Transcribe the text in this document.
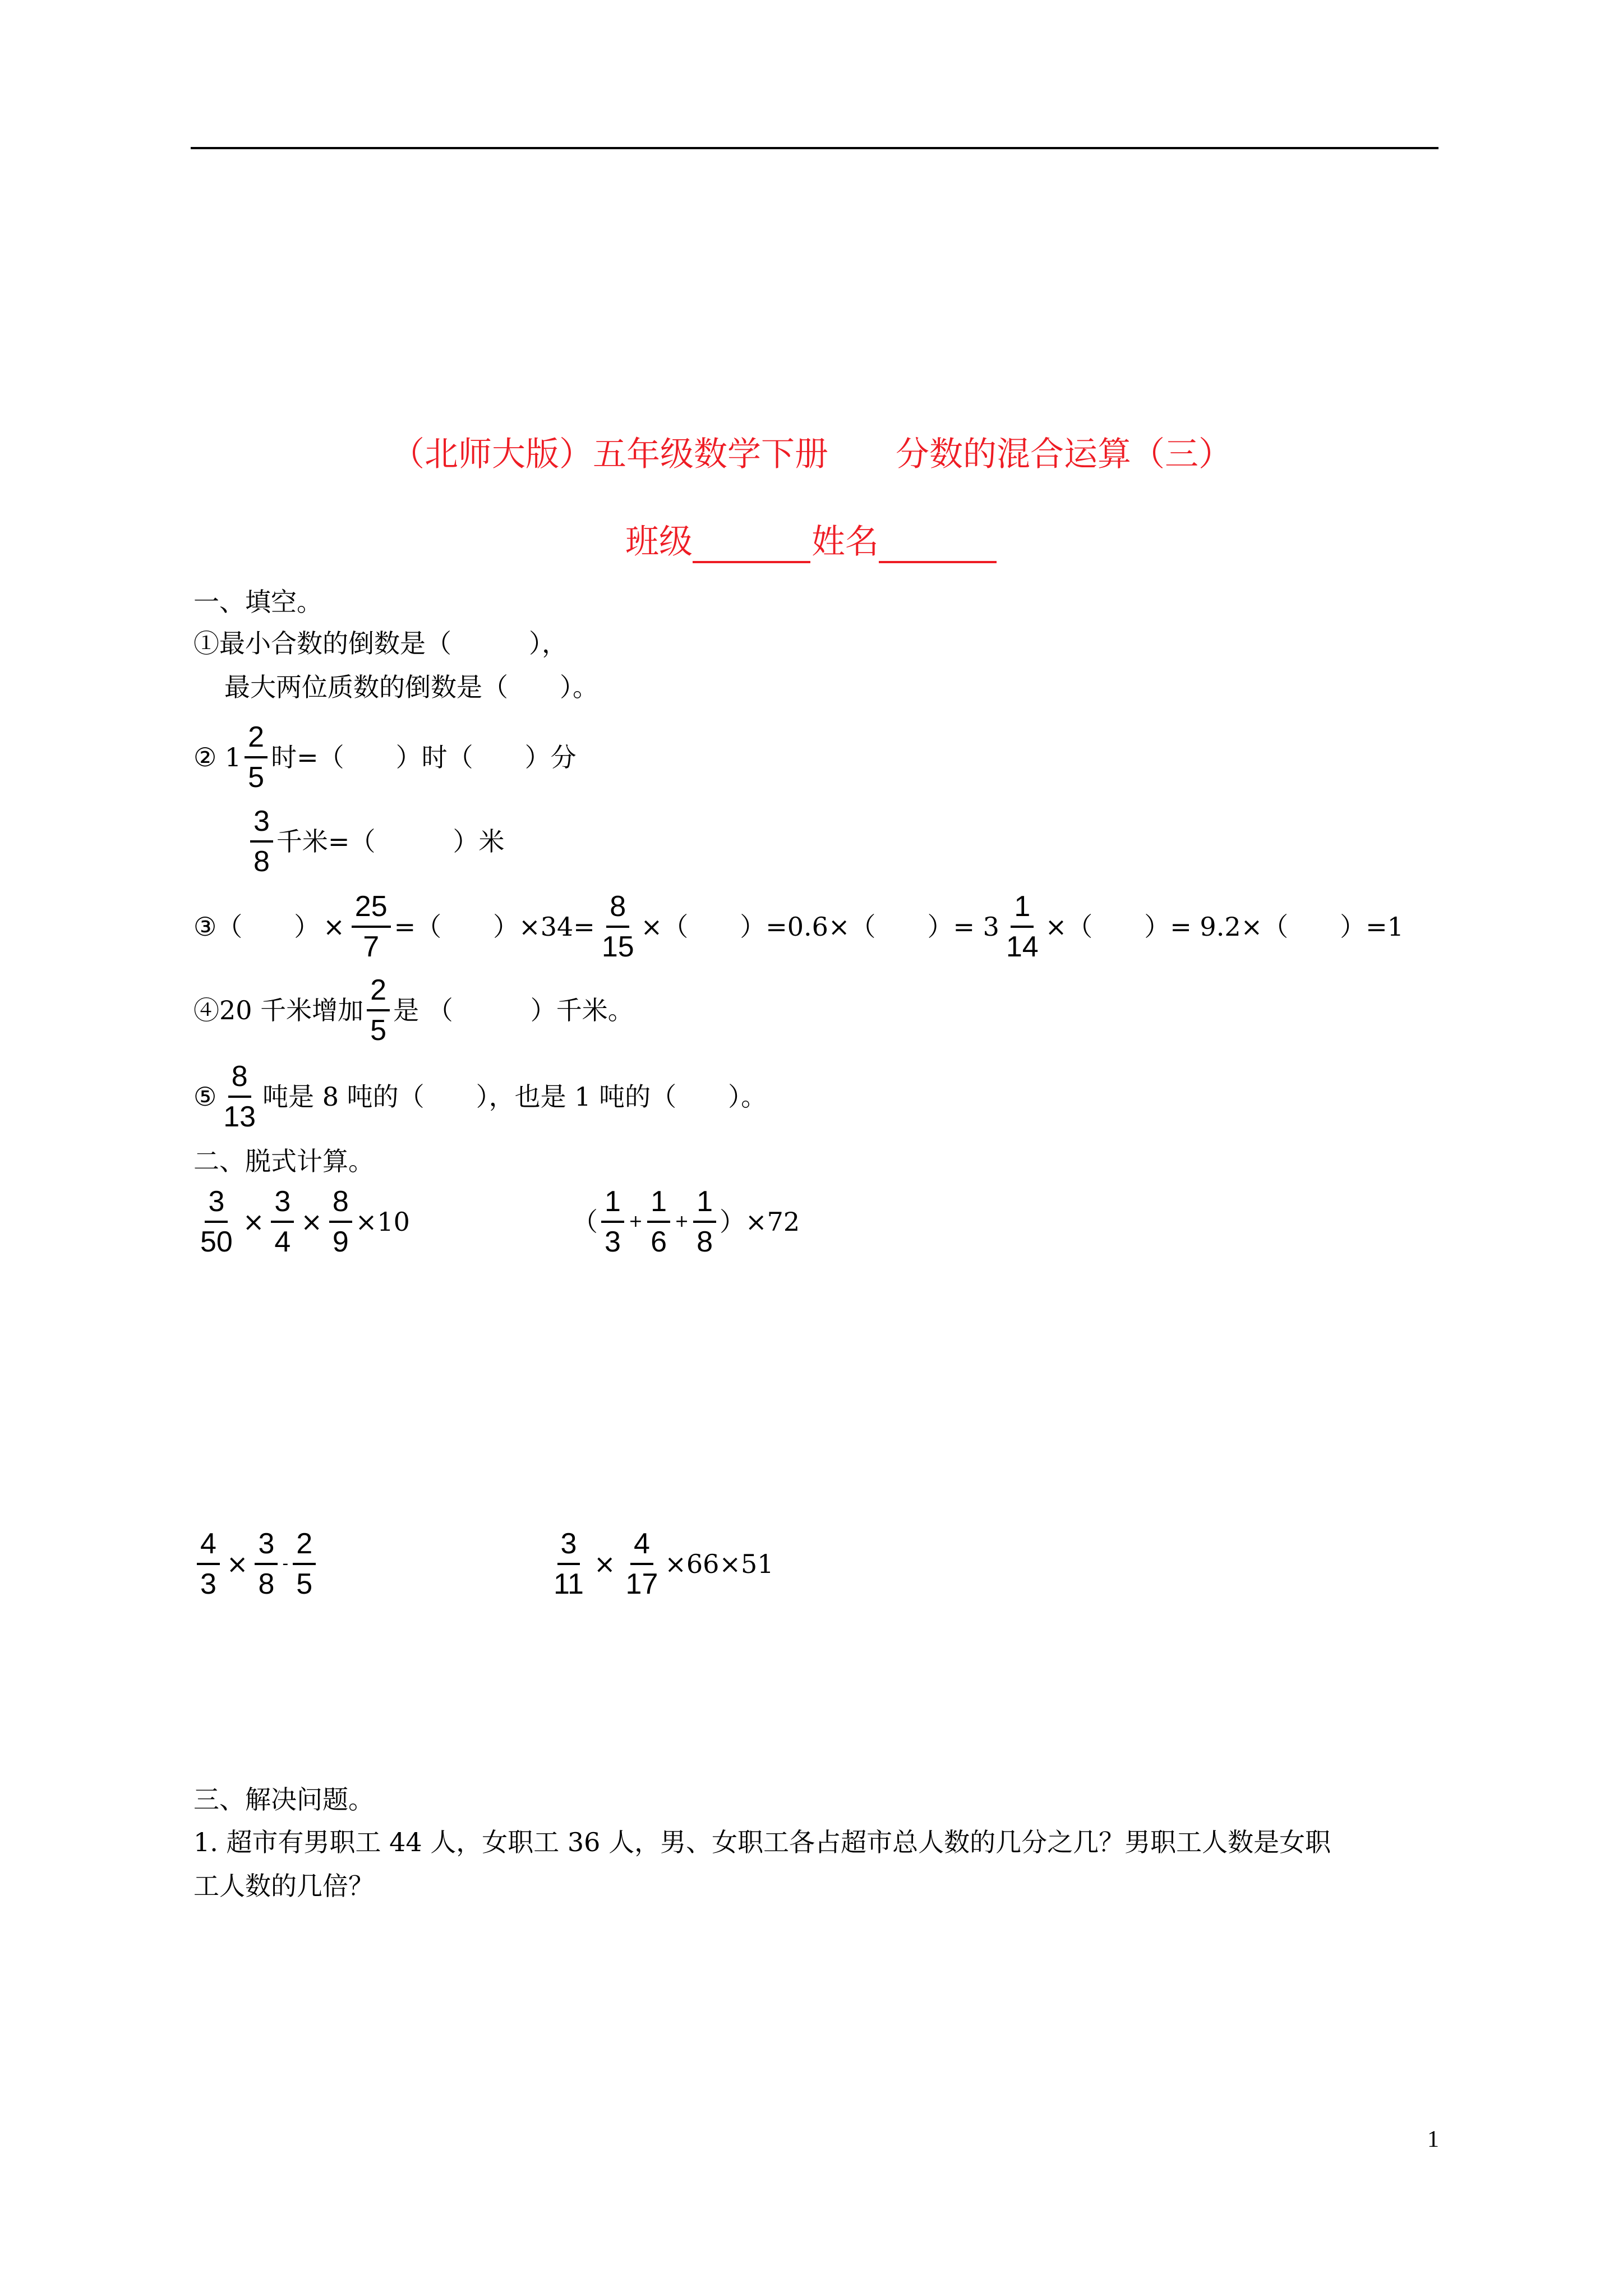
（北师大版）五年级数学下册　　分数的混合运算（三）
班级	姓名
一、填空。
①最小合数的倒数是（　　　），
最大两位质数的倒数是（　　）。
② $1 \frac{2}{5}$ 时=（　　）时（　　）分
$\frac{3}{8}$ 千米=（　　　）米
③（　　） × $\frac{25}{7}$ =（　　）$\times 34= \frac{8}{15}$ ×（　　）=0.6×（　　）= $3 \frac{1}{14}$ ×（　　）= 9.2×（　　）=1
④20 千米增加 $\frac{2}{5}$ 是 （　　　）千米。
⑤ $\frac{8}{13}$ 吨是 8 吨的（　　），也是 1 吨的（　　）。
二、脱式计算。
$\frac{3}{50} \times \frac{3}{4} \times \frac{8}{9} \times 10$	（ $\frac{1}{3} + \frac{1}{6} + \frac{1}{8}$ ） ×72
$\frac{4}{3} \times \frac{3}{8} - \frac{2}{5}$	$\frac{3}{11} \times \frac{4}{17} \times 66\times 51$
三、解决问题。
1. 超市有男职工 44 人，女职工 36 人，男、女职工各占超市总人数的几分之几？男职工人数是女职
工人数的几倍？
1
